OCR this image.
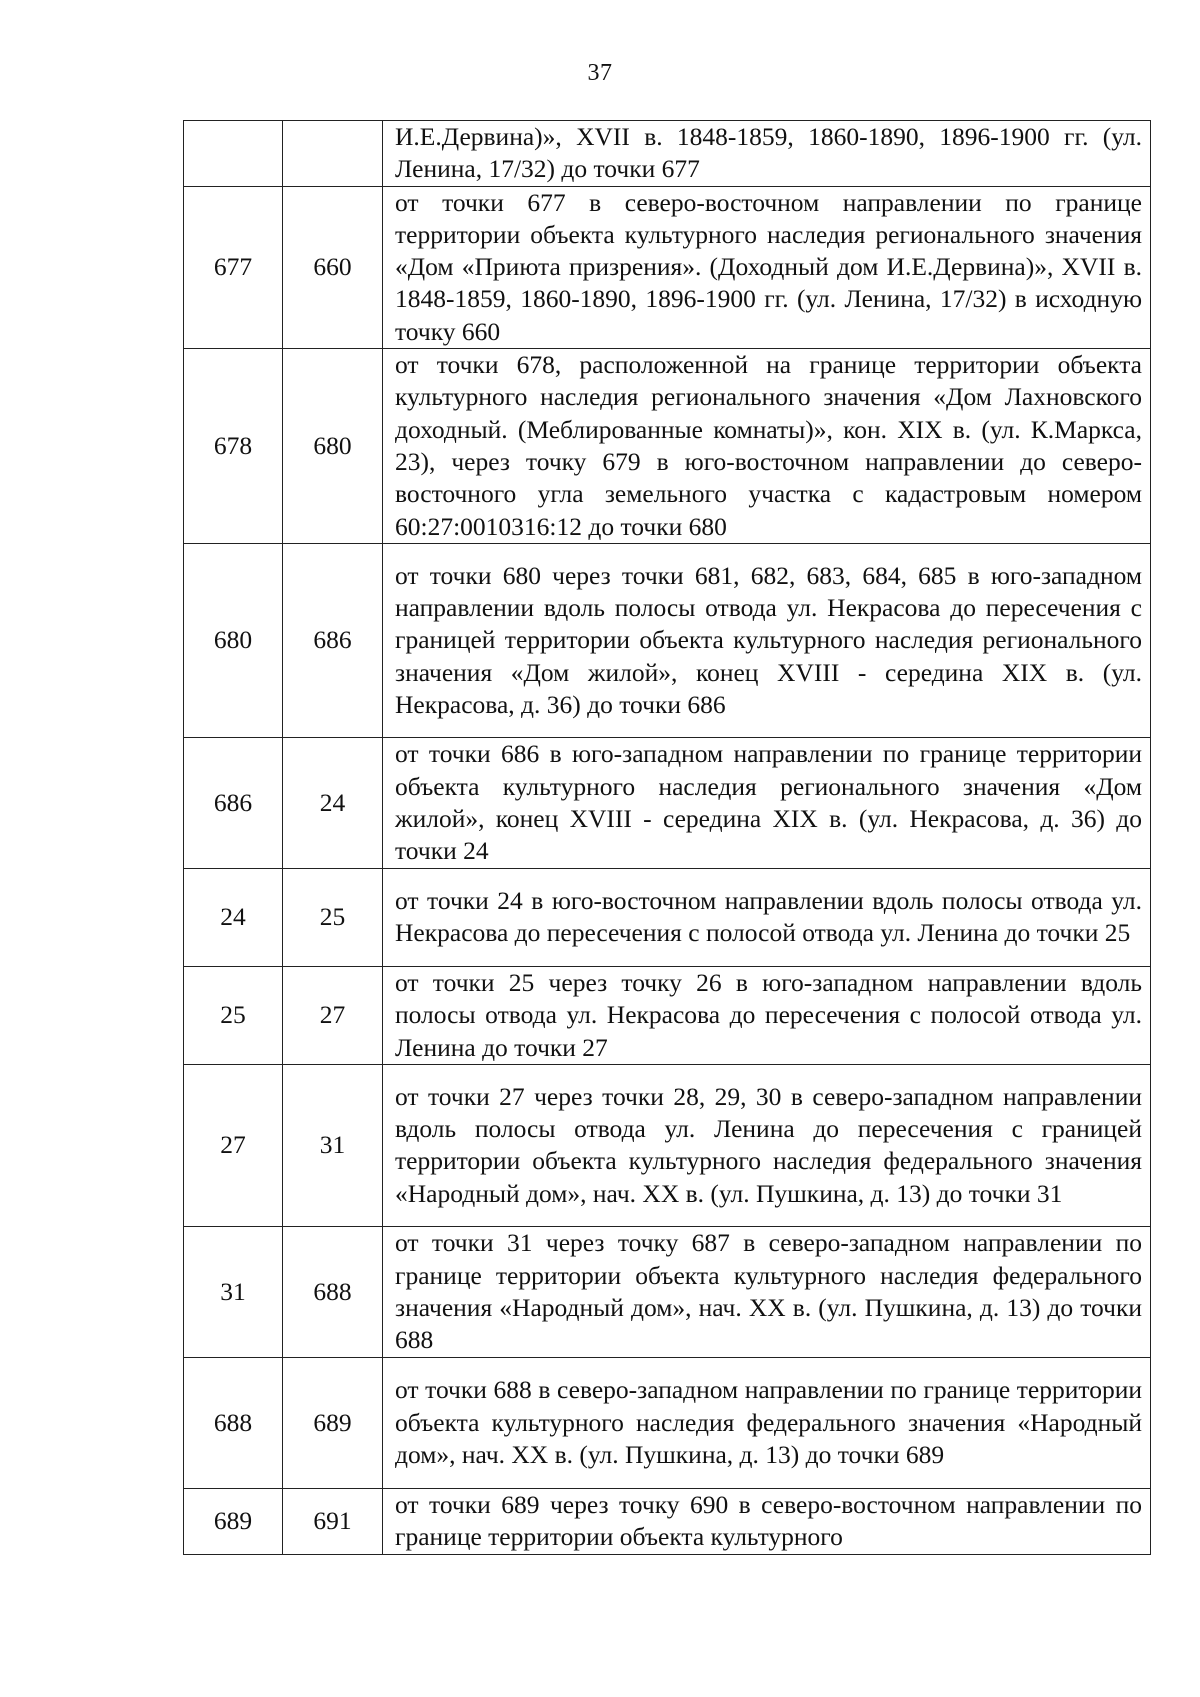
37
		И.Е.Дервина)», XVII в. 1848-1859, 1860-1890, 1896-1900 гг. (ул. Ленина, 17/32) до точки 677
677	660	от точки 677 в северо-восточном направлении по границе территории объекта культурного наследия регионального значения «Дом «Приюта призрения». (Доходный дом И.Е.Дервина)», XVII в. 1848-1859, 1860-1890, 1896-1900 гг. (ул. Ленина, 17/32) в исходную точку 660
678	680	от точки 678, расположенной на границе территории объекта культурного наследия регионального значения «Дом Лахновского доходный. (Меблированные комнаты)», кон. XIX в. (ул. К.Маркса, 23), через точку 679 в юго-восточном направлении до северо-восточного угла земельного участка с кадастровым номером 60:27:0010316:12 до точки 680
680	686	от точки 680 через точки 681, 682, 683, 684, 685 в юго-западном направлении вдоль полосы отвода ул. Некрасова до пересечения с границей территории объекта культурного наследия регионального значения «Дом жилой», конец XVIII - середина XIX в. (ул. Некрасова, д. 36) до точки 686
686	24	от точки 686 в юго-западном направлении по границе территории объекта культурного наследия регионального значения «Дом жилой», конец XVIII - середина XIX в. (ул. Некрасова, д. 36) до точки 24
24	25	от точки 24 в юго-восточном направлении вдоль полосы отвода ул. Некрасова до пересечения с полосой отвода ул. Ленина до точки 25
25	27	от точки 25 через точку 26 в юго-западном направлении вдоль полосы отвода ул. Некрасова до пересечения с полосой отвода ул. Ленина до точки 27
27	31	от точки 27 через точки 28, 29, 30 в северо-западном направлении вдоль полосы отвода ул. Ленина до пересечения с границей территории объекта культурного наследия федерального значения «Народный дом», нач. XX в. (ул. Пушкина, д. 13) до точки 31
31	688	от точки 31 через точку 687 в северо-западном направлении по границе территории объекта культурного наследия федерального значения «Народный дом», нач. XX в. (ул. Пушкина, д. 13) до точки 688
688	689	от точки 688 в северо-западном направлении по границе территории объекта культурного наследия федерального значения «Народный дом», нач. XX в. (ул. Пушкина, д. 13) до точки 689
689	691	от точки 689 через точку 690 в северо-восточном направлении по границе территории объекта культурного
